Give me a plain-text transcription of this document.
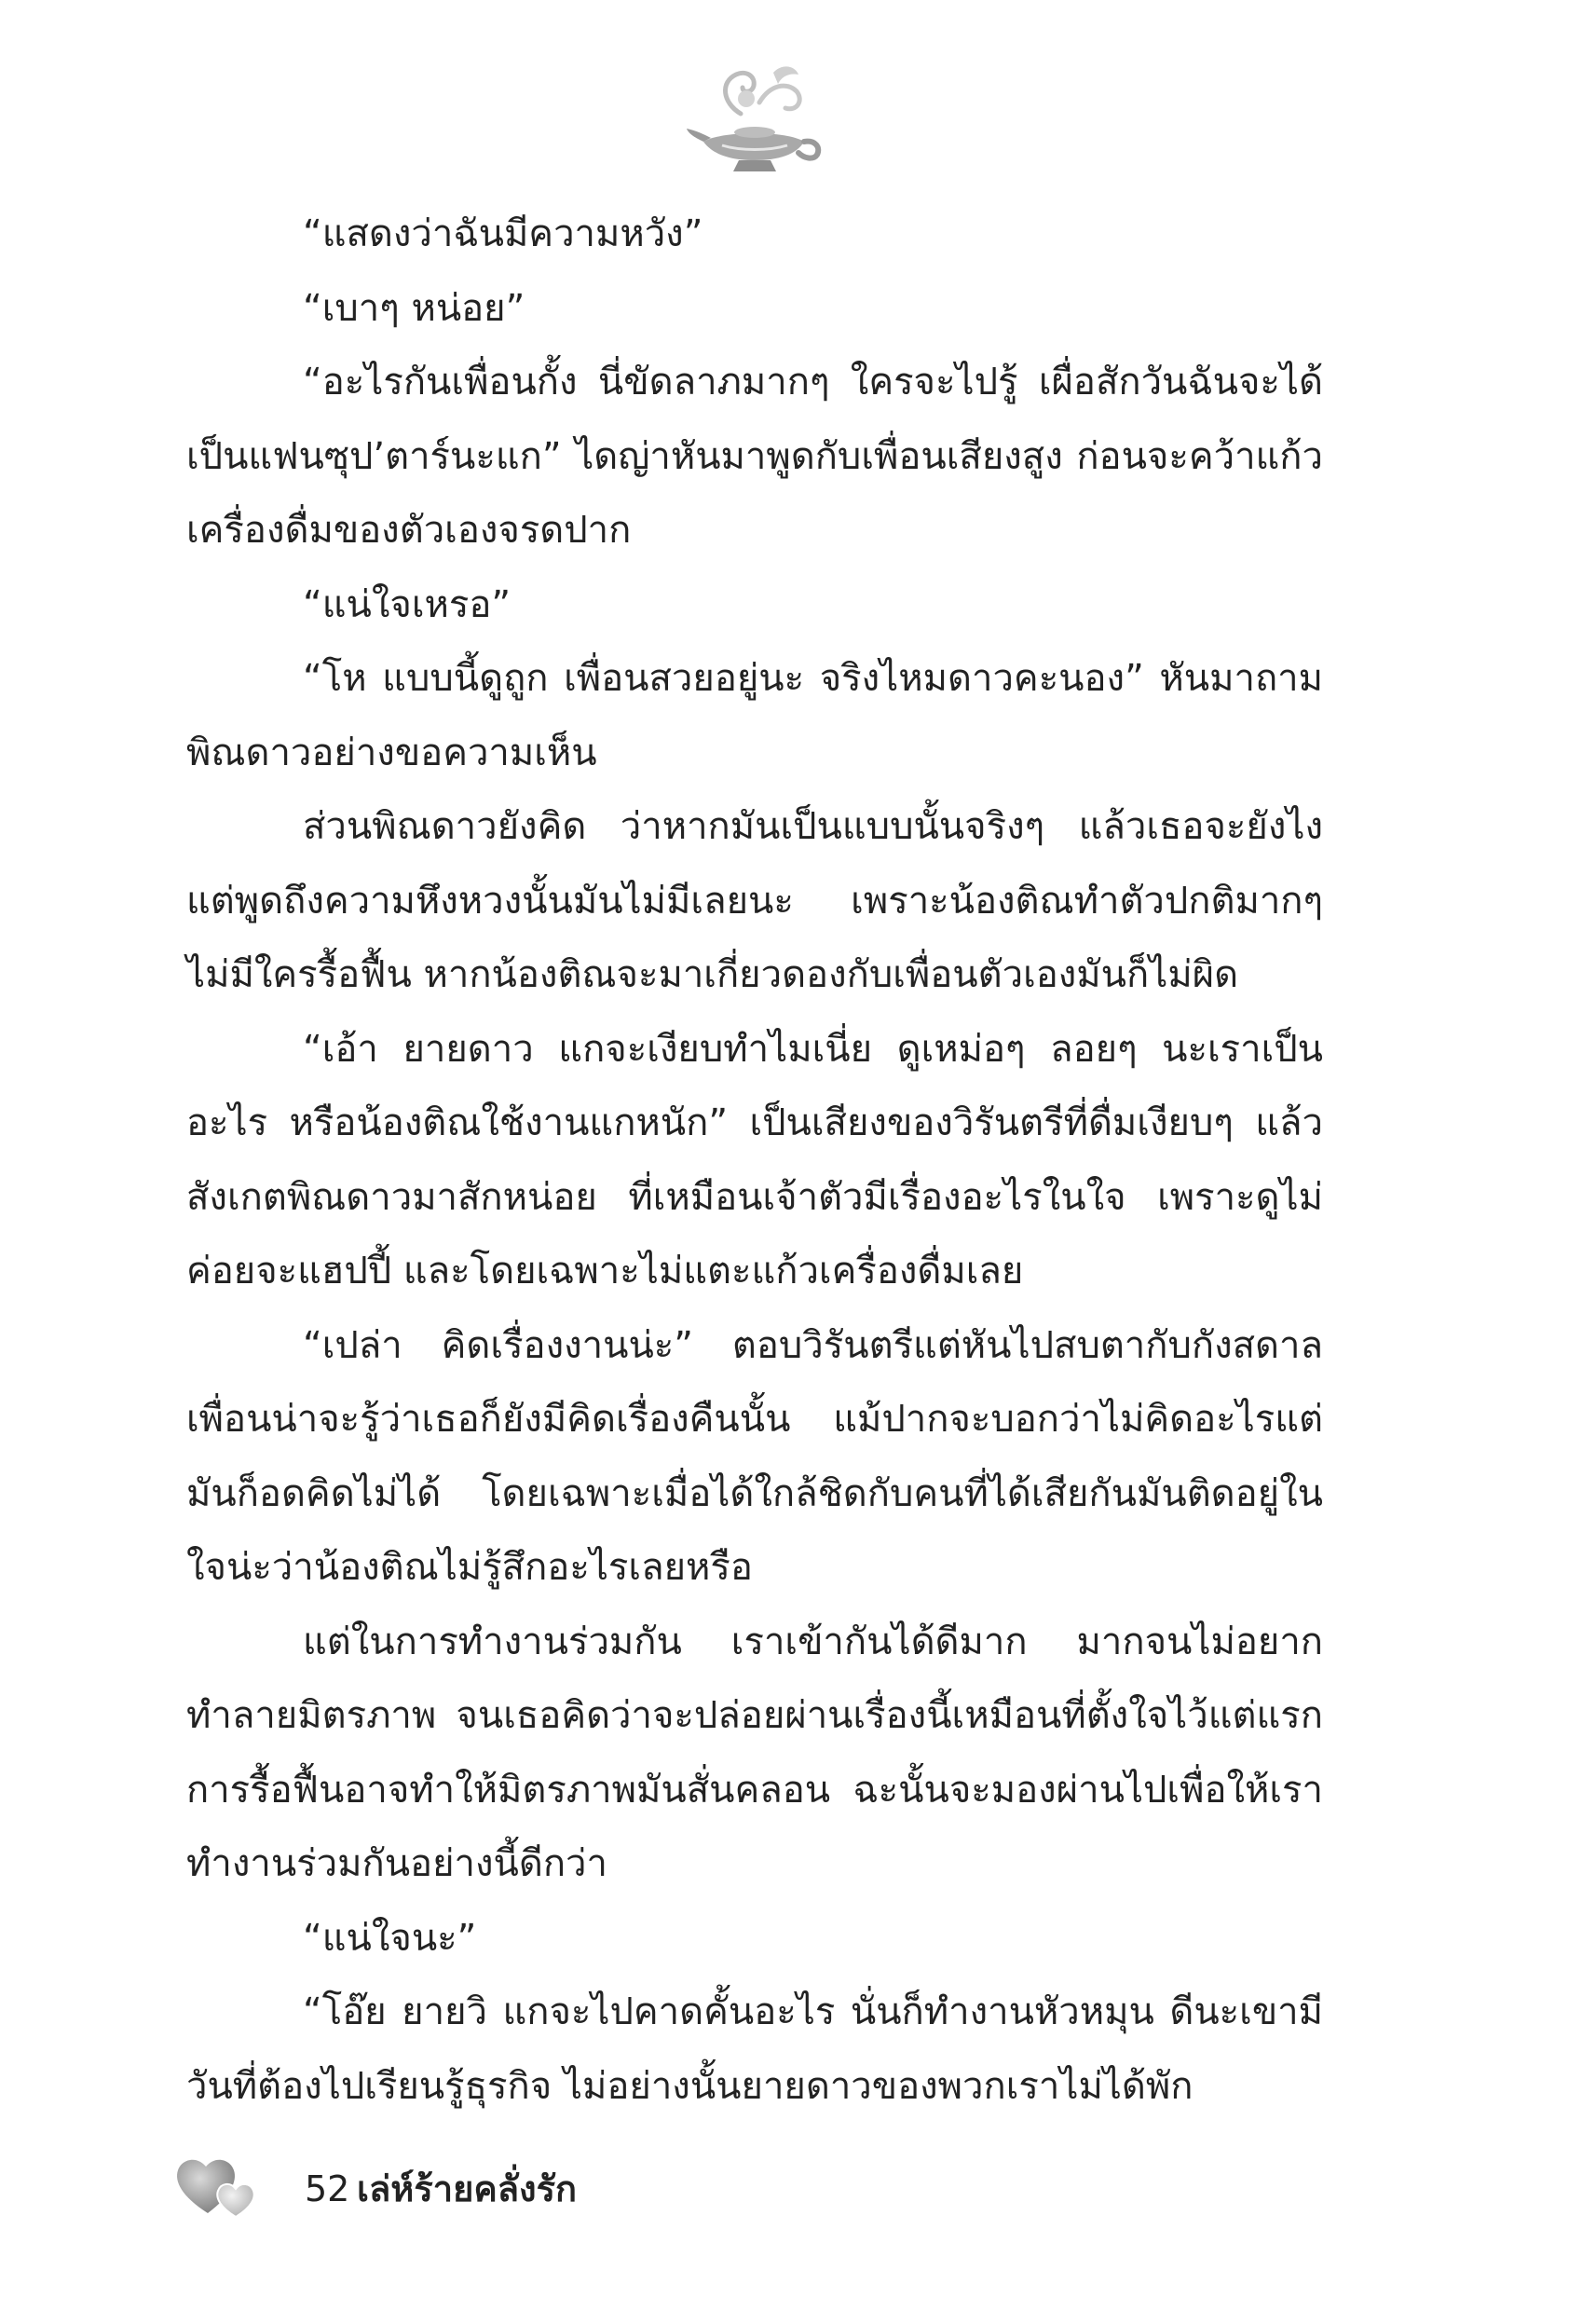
“แสดงว่าฉันมีความหวัง”

“เบาๆ หน่อย”

“อะไรกันเพื่อนกั้ง นี่ขัดลาภมากๆ ใครจะไปรู้ เผื่อสักวันฉันจะได้เป็นแฟนซุป’ตาร์นะแก” ไดญ่าหันมาพูดกับเพื่อนเสียงสูง ก่อนจะคว้าแก้วเครื่องดื่มของตัวเองจรดปาก

“แน่ใจเหรอ”

“โห แบบนี้ดูถูก เพื่อนสวยอยู่นะ จริงไหมดาวคะนอง” หันมาถามพิณดาวอย่างขอความเห็น

ส่วนพิณดาวยังคิด ว่าหากมันเป็นแบบนั้นจริงๆ แล้วเธอจะยังไงแต่พูดถึงความหึงหวงนั้นมันไม่มีเลยนะ เพราะน้องติณทำตัวปกติมากๆ ไม่มีใครรื้อฟื้น หากน้องติณจะมาเกี่ยวดองกับเพื่อนตัวเองมันก็ไม่ผิด

“เอ้า ยายดาว แกจะเงียบทำไมเนี่ย ดูเหม่อๆ ลอยๆ นะเราเป็นอะไร หรือน้องติณใช้งานแกหนัก” เป็นเสียงของวิรันตรีที่ดื่มเงียบๆ แล้วสังเกตพิณดาวมาสักหน่อย ที่เหมือนเจ้าตัวมีเรื่องอะไรในใจ เพราะดูไม่ค่อยจะแฮปปี้ และโดยเฉพาะไม่แตะแก้วเครื่องดื่มเลย

“เปล่า คิดเรื่องงานน่ะ” ตอบวิรันตรีแต่หันไปสบตากับกังสดาลเพื่อนน่าจะรู้ว่าเธอก็ยังมีคิดเรื่องคืนนั้น แม้ปากจะบอกว่าไม่คิดอะไรแต่มันก็อดคิดไม่ได้ โดยเฉพาะเมื่อได้ใกล้ชิดกับคนที่ได้เสียกันมันติดอยู่ในใจน่ะว่าน้องติณไม่รู้สึกอะไรเลยหรือ

แต่ในการทำงานร่วมกัน เราเข้ากันได้ดีมาก มากจนไม่อยากทำลายมิตรภาพ จนเธอคิดว่าจะปล่อยผ่านเรื่องนี้เหมือนที่ตั้งใจไว้แต่แรก การรื้อฟื้นอาจทำให้มิตรภาพมันสั่นคลอน ฉะนั้นจะมองผ่านไปเพื่อให้เราทำงานร่วมกันอย่างนี้ดีกว่า

“แน่ใจนะ”

“โอ๊ย ยายวิ แกจะไปคาดคั้นอะไร นั่นก็ทำงานหัวหมุน ดีนะเขามีวันที่ต้องไปเรียนรู้ธุรกิจ ไม่อย่างนั้นยายดาวของพวกเราไม่ได้พัก

52 เล่ห์ร้ายคลั่งรัก
